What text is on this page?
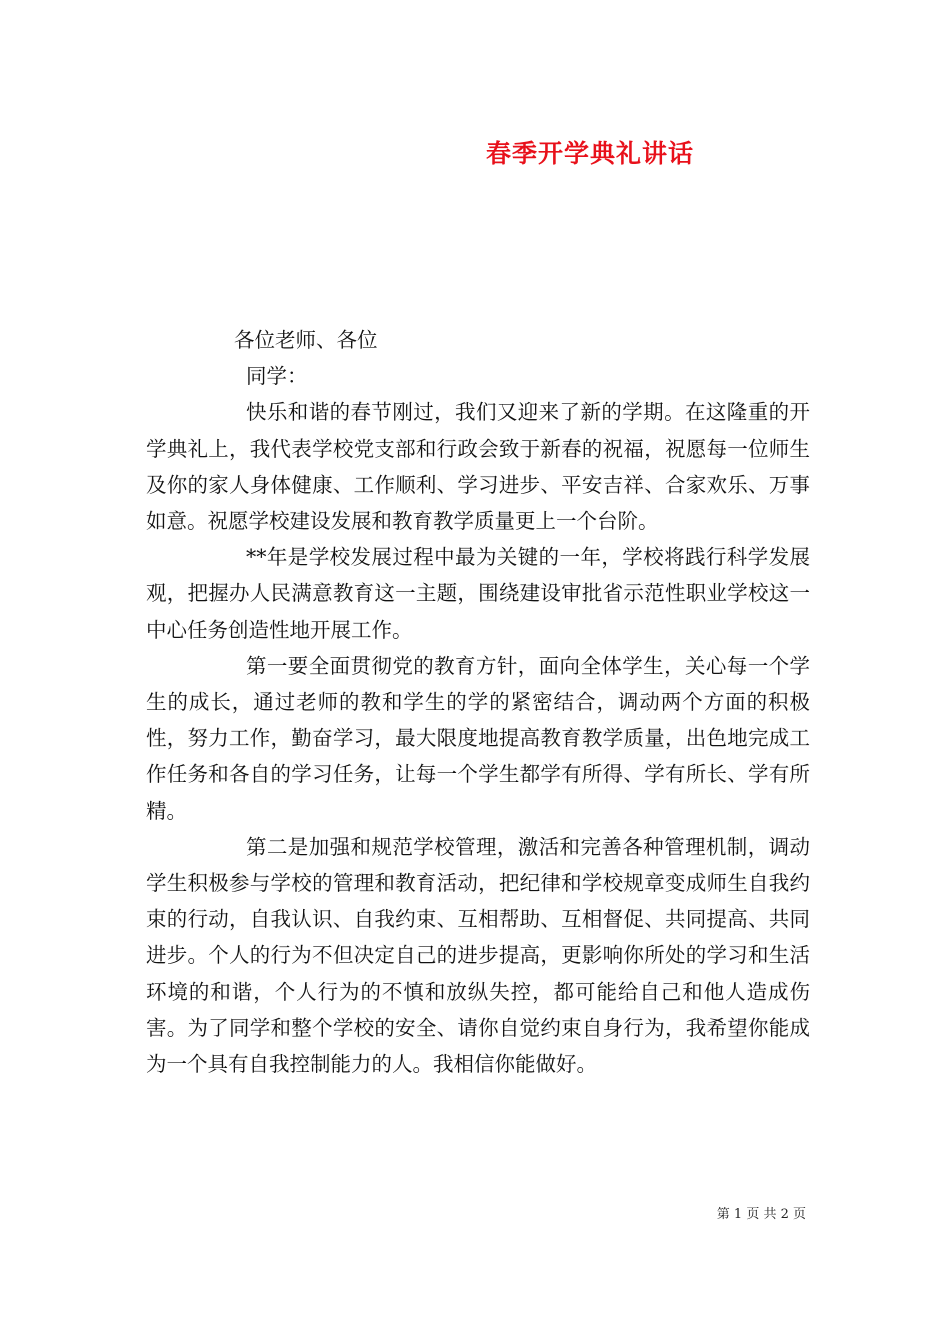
春季开学典礼讲话
各位老师、各位
同学：

快乐和谐的春节刚过，我们又迎来了新的学期。在这隆重的开学典礼上，我代表学校党支部和行政会致于新春的祝福，祝愿每一位师生及你的家人身体健康、工作顺利、学习进步、平安吉祥、合家欢乐、万事如意。祝愿学校建设发展和教育教学质量更上一个台阶。

**年是学校发展过程中最为关键的一年，学校将践行科学发展观，把握办人民满意教育这一主题，围绕建设审批省示范性职业学校这一中心任务创造性地开展工作。

第一要全面贯彻党的教育方针，面向全体学生，关心每一个学生的成长，通过老师的教和学生的学的紧密结合，调动两个方面的积极性，努力工作，勤奋学习，最大限度地提高教育教学质量，出色地完成工作任务和各自的学习任务，让每一个学生都学有所得、学有所长、学有所精。

第二是加强和规范学校管理，激活和完善各种管理机制，调动学生积极参与学校的管理和教育活动，把纪律和学校规章变成师生自我约束的行动，自我认识、自我约束、互相帮助、互相督促、共同提高、共同进步。个人的行为不但决定自己的进步提高，更影响你所处的学习和生活环境的和谐，个人行为的不慎和放纵失控，都可能给自己和他人造成伤害。为了同学和整个学校的安全、请你自觉约束自身行为，我希望你能成为一个具有自我控制能力的人。我相信你能做好。

第 1 页 共 2 页
